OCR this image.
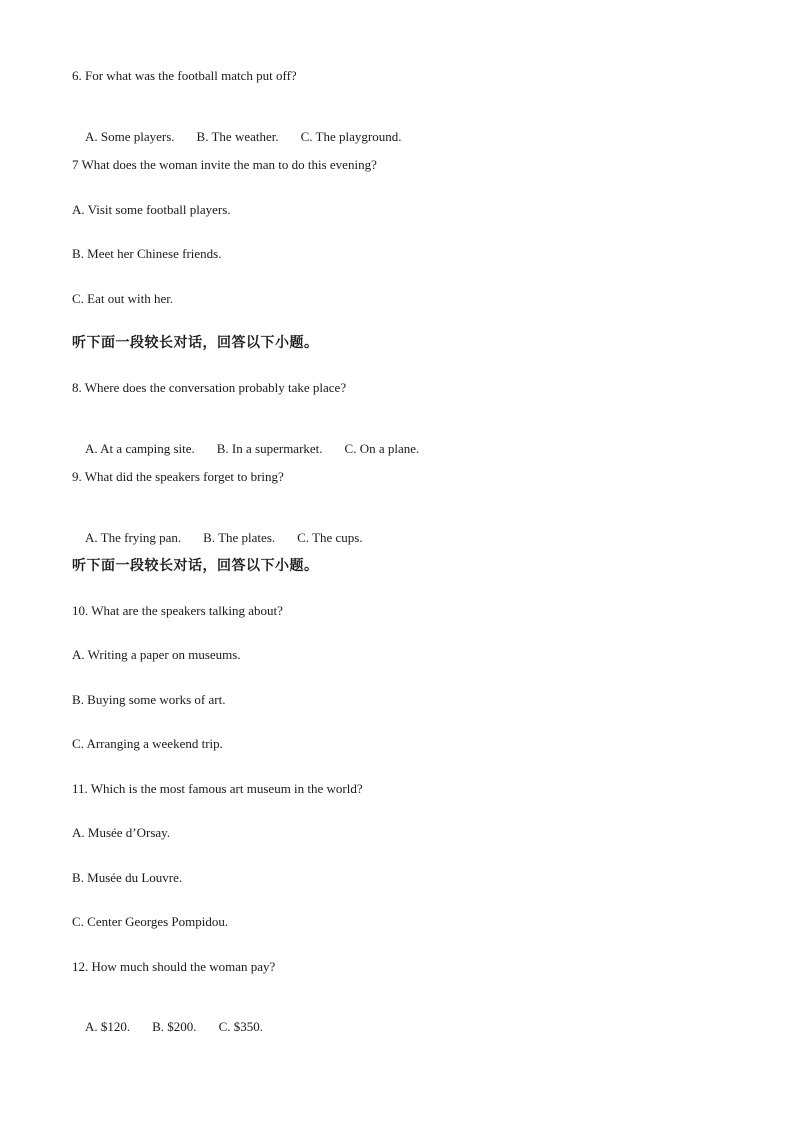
6. For what was the football match put off?

A. Some players. B. The weather. C. The playground.

7 What does the woman invite the man to do this evening?
A. Visit some football players.
B. Meet her Chinese friends.
C. Eat out with her.
听下面一段较长对话，回答以下小题。
8. Where does the conversation probably take place?

A. At a camping site. B. In a supermarket. C. On a plane.

9. What did the speakers forget to bring?

A. The frying pan. B. The plates. C. The cups.

听下面一段较长对话，回答以下小题。
10. What are the speakers talking about?
A. Writing a paper on museums.
B. Buying some works of art.
C. Arranging a weekend trip.
11. Which is the most famous art museum in the world?
A. Musée d’Orsay.
B. Musée du Louvre.
C. Center Georges Pompidou.
12. How much should the woman pay?

A. $120. B. $200. C. $350.
